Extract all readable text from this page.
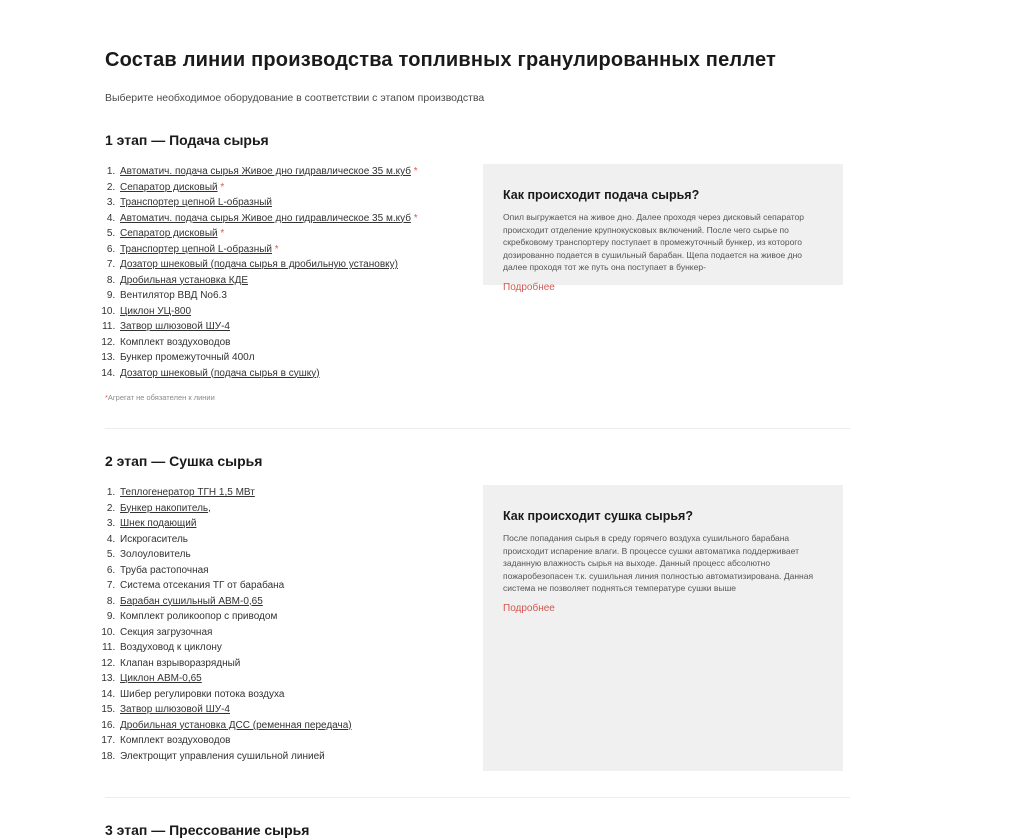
Состав линии производства топливных гранулированных пеллет
Выберите необходимое оборудование в соответствии с этапом производства
1 этап — Подача сырья
1. Автоматич. подача сырья Живое дно гидравлическое 35 м.куб *
2. Сепаратор дисковый *
3. Транспортер цепной L-образный
4. Автоматич. подача сырья Живое дно гидравлическое 35 м.куб *
5. Сепаратор дисковый *
6. Транспортер цепной L-образный *
7. Дозатор шнековый (подача сырья в дробильную установку)
8. Дробильная установка КДЕ
9. Вентилятор ВВД No6.3
10. Циклон УЦ-800
11. Затвор шлюзовой ШУ-4
12. Комплект воздуховодов
13. Бункер промежуточный 400л
14. Дозатор шнековый (подача сырья в сушку)
*Агрегат не обязателен к линии
Как происходит подача сырья?

Опил выгружается на живое дно. Далее проходя через дисковый сепаратор происходит отделение крупнокусковых включений. После чего сырье по скребковому транспортеру поступает в промежуточный бункер, из которого дозированно подается в сушильный барабан. Щепа подается на живое дно далее проходя тот же путь она поступает в бункер-

Подробнее
2 этап — Сушка сырья
1. Теплогенератор ТГН 1,5 МВт
2. Бункер накопитель,
3. Шнек подающий
4. Искрогаситель
5. Золоуловитель
6. Труба растопочная
7. Система отсекания ТГ от барабана
8. Барабан сушильный АВМ-0,65
9. Комплект роликоопор с приводом
10. Секция загрузочная
11. Воздуховод к циклону
12. Клапан взрыворазрядный
13. Циклон АВМ-0,65
14. Шибер регулировки потока воздуха
15. Затвор шлюзовой ШУ-4
16. Дробильная установка ДСС (ременная передача)
17. Комплект воздуховодов
18. Электрощит управления сушильной линией
Как происходит сушка сырья?

После попадания сырья в среду горячего воздуха сушильного барабана происходит испарение влаги. В процессе сушки автоматика поддерживает заданную влажность сырья на выходе. Данный процесс абсолютно пожаробезопасен т.к. сушильная линия полностью автоматизирована. Данная система не позволяет подняться температуре сушки выше

Подробнее
3 этап — Прессование сырья
